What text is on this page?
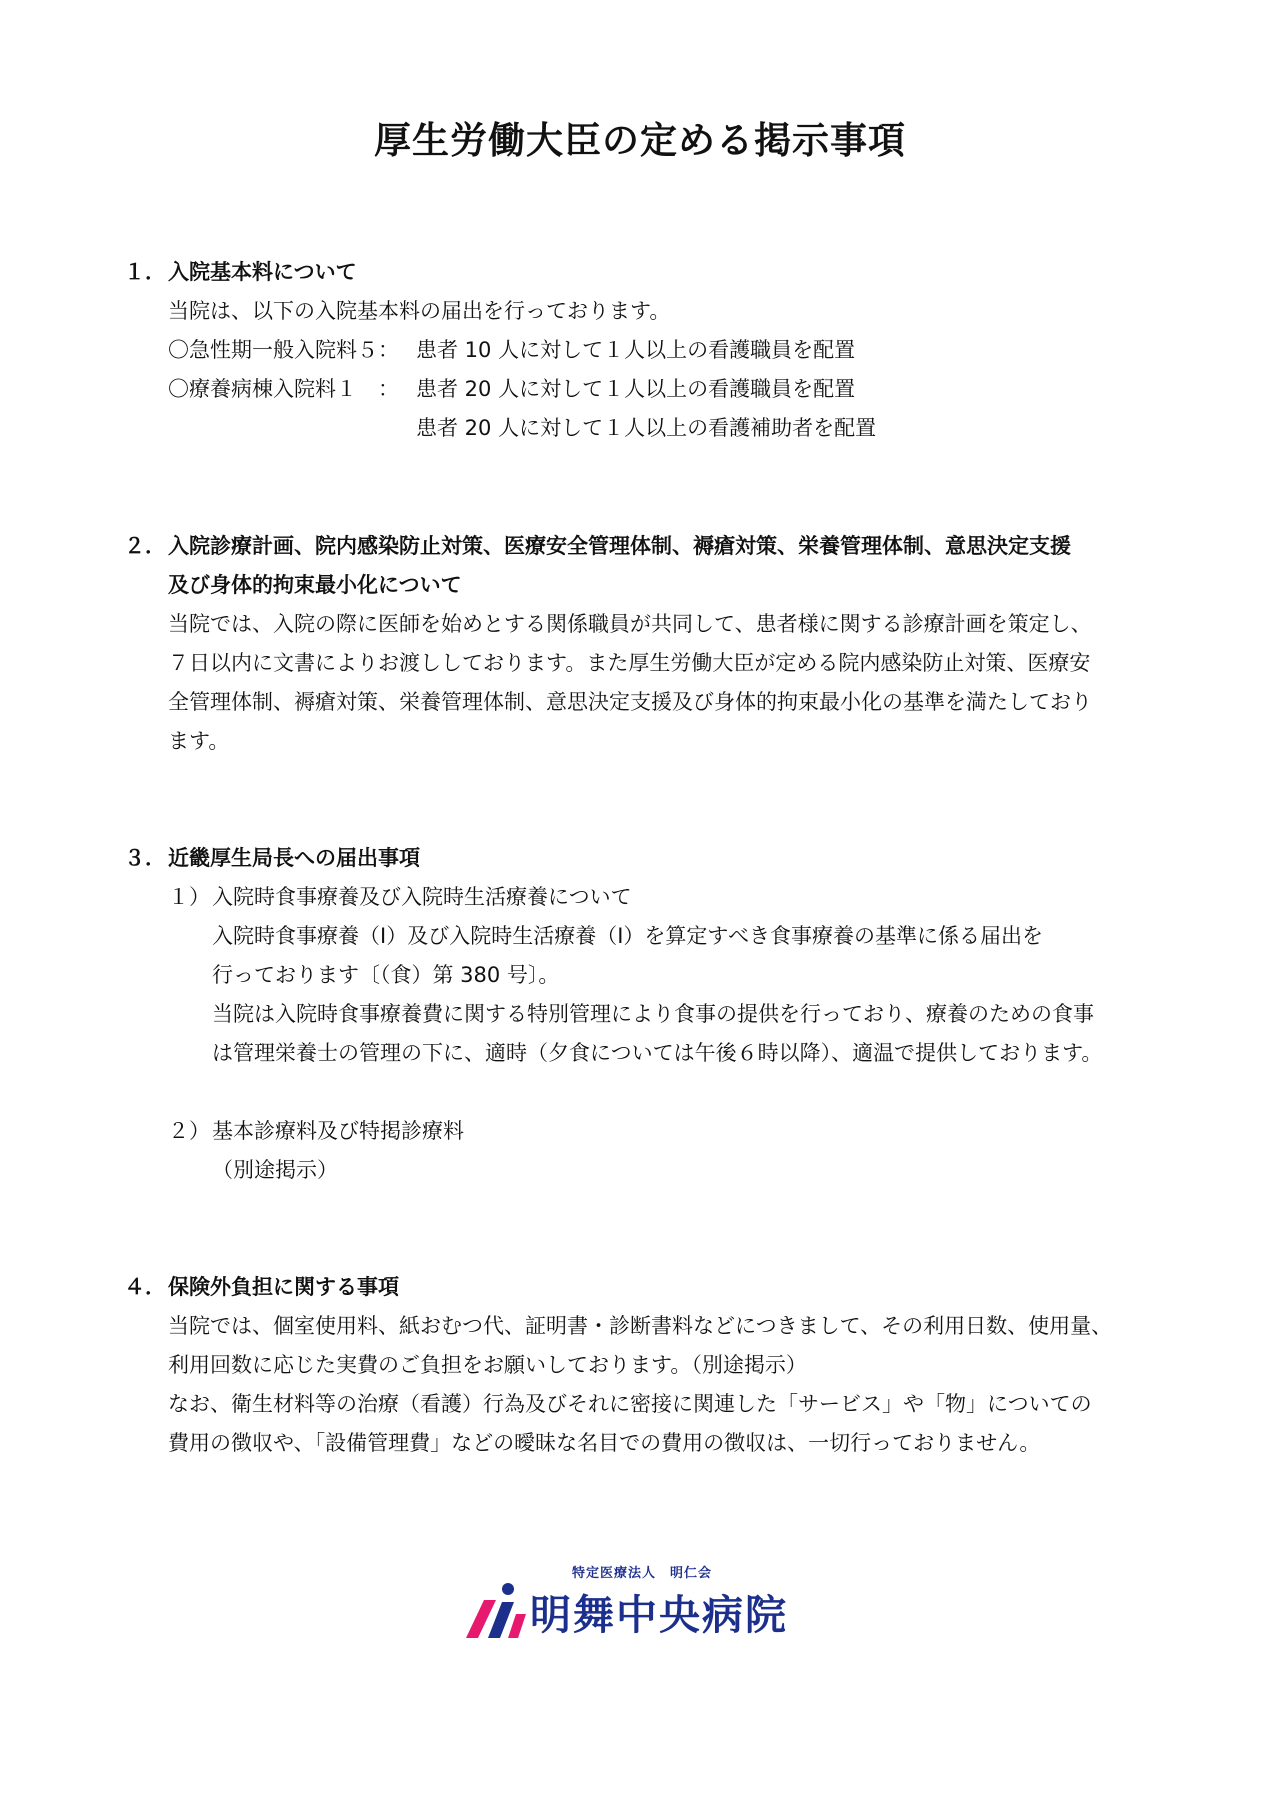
厚生労働大臣の定める掲示事項
１．入院基本料について
当院は、以下の入院基本料の届出を行っております。
〇急性期一般入院料５： 患者 10 人に対して１人以上の看護職員を配置
〇療養病棟入院料１　： 患者 20 人に対して１人以上の看護職員を配置
患者 20 人に対して１人以上の看護補助者を配置
２．入院診療計画、院内感染防止対策、医療安全管理体制、褥瘡対策、栄養管理体制、意思決定支援
及び身体的拘束最小化について
当院では、入院の際に医師を始めとする関係職員が共同して、患者様に関する診療計画を策定し、
７日以内に文書によりお渡ししております。また厚生労働大臣が定める院内感染防止対策、医療安
全管理体制、褥瘡対策、栄養管理体制、意思決定支援及び身体的拘束最小化の基準を満たしており
ます。
３．近畿厚生局長への届出事項
１）入院時食事療養及び入院時生活療養について
入院時食事療養（Ⅰ）及び入院時生活療養（Ⅰ）を算定すべき食事療養の基準に係る届出を
行っております〔（食）第 380 号〕。
当院は入院時食事療養費に関する特別管理により食事の提供を行っており、療養のための食事
は管理栄養士の管理の下に、適時（夕食については午後６時以降）、適温で提供しております。
２）基本診療料及び特掲診療料
（別途掲示）
４．保険外負担に関する事項
当院では、個室使用料、紙おむつ代、証明書・診断書料などにつきまして、その利用日数、使用量、
利用回数に応じた実費のご負担をお願いしております。（別途掲示）
なお、衛生材料等の治療（看護）行為及びそれに密接に関連した「サービス」や「物」についての
費用の徴収や、「設備管理費」などの曖昧な名目での費用の徴収は、一切行っておりません。
特定医療法人　明仁会
明舞中央病院
